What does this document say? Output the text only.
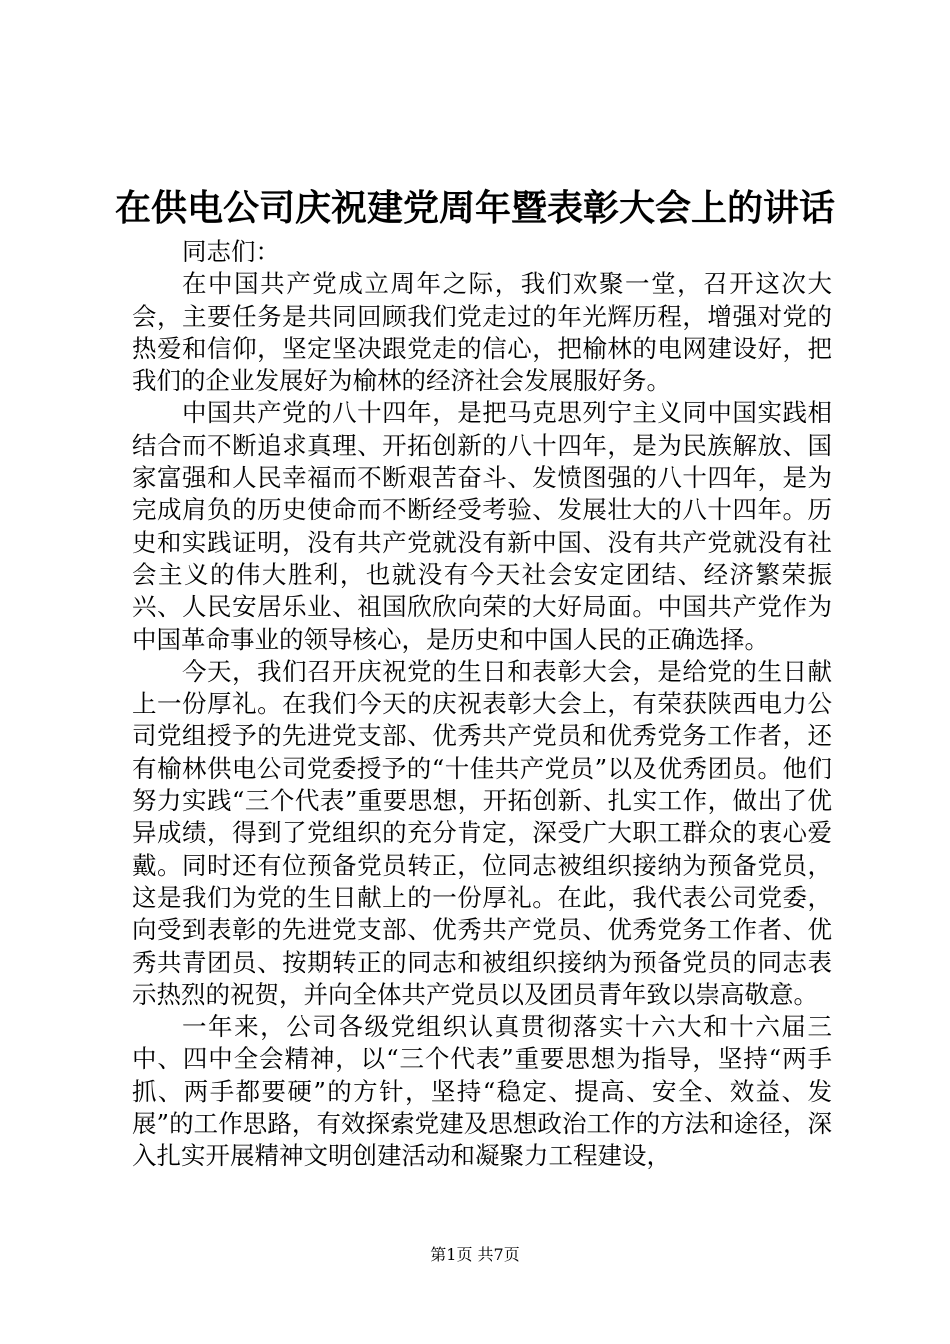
在供电公司庆祝建党周年暨表彰大会上的讲话

同志们：

在中国共产党成立周年之际，我们欢聚一堂，召开这次大会，主要任务是共同回顾我们党走过的年光辉历程，增强对党的热爱和信仰，坚定坚决跟党走的信心，把榆林的电网建设好，把我们的企业发展好为榆林的经济社会发展服好务。

中国共产党的八十四年，是把马克思列宁主义同中国实践相结合而不断追求真理、开拓创新的八十四年，是为民族解放、国家富强和人民幸福而不断艰苦奋斗、发愤图强的八十四年，是为完成肩负的历史使命而不断经受考验、发展壮大的八十四年。历史和实践证明，没有共产党就没有新中国、没有共产党就没有社会主义的伟大胜利，也就没有今天社会安定团结、经济繁荣振兴、人民安居乐业、祖国欣欣向荣的大好局面。中国共产党作为中国革命事业的领导核心，是历史和中国人民的正确选择。

今天，我们召开庆祝党的生日和表彰大会，是给党的生日献上一份厚礼。在我们今天的庆祝表彰大会上，有荣获陕西电力公司党组授予的先进党支部、优秀共产党员和优秀党务工作者，还有榆林供电公司党委授予的“十佳共产党员”以及优秀团员。他们努力实践“三个代表”重要思想，开拓创新、扎实工作，做出了优异成绩，得到了党组织的充分肯定，深受广大职工群众的衷心爱戴。同时还有位预备党员转正，位同志被组织接纳为预备党员，这是我们为党的生日献上的一份厚礼。在此，我代表公司党委，向受到表彰的先进党支部、优秀共产党员、优秀党务工作者、优秀共青团员、按期转正的同志和被组织接纳为预备党员的同志表示热烈的祝贺，并向全体共产党员以及团员青年致以崇高敬意。

一年来，公司各级党组织认真贯彻落实十六大和十六届三中、四中全会精神，以“三个代表”重要思想为指导，坚持“两手抓、两手都要硬”的方针，坚持“稳定、提高、安全、效益、发展”的工作思路，有效探索党建及思想政治工作的方法和途径，深入扎实开展精神文明创建活动和凝聚力工程建设，

第1页 共7页
